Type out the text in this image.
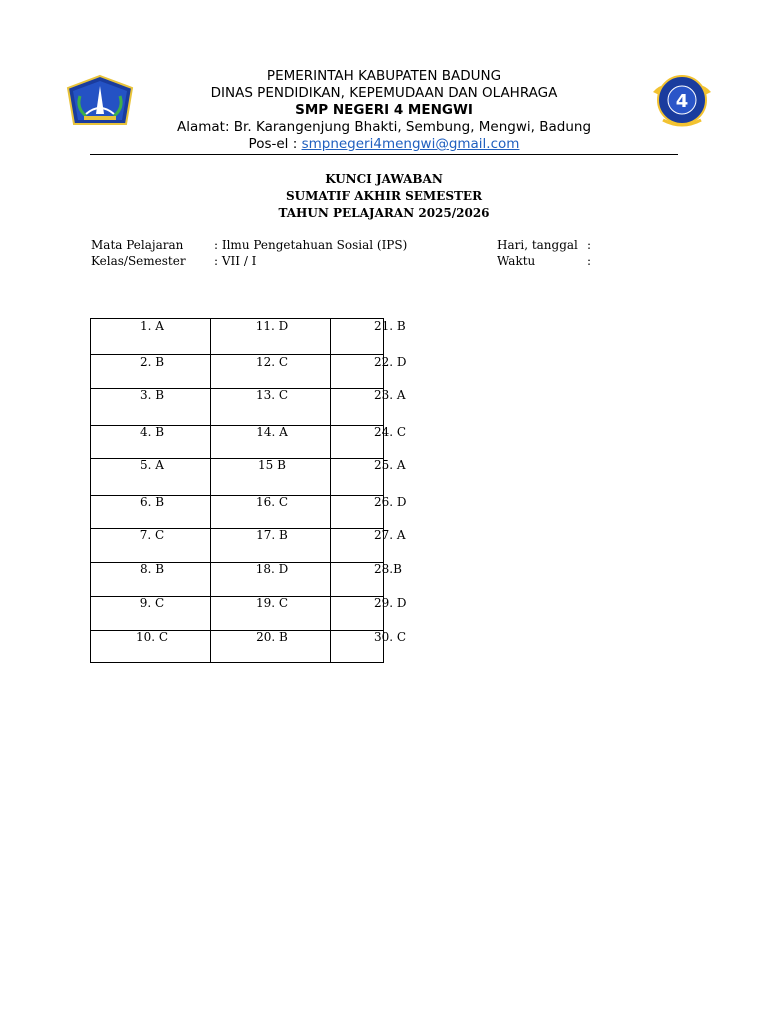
4
PEMERINTAH KABUPATEN BADUNG
DINAS PENDIDIKAN, KEPEMUDAAN DAN OLAHRAGA
SMP NEGERI 4 MENGWI
Alamat: Br. Karangenjung Bhakti, Sembung, Mengwi, Badung
Pos-el : smpnegeri4mengwi@gmail.com
KUNCI JAWABAN
SUMATIF AKHIR SEMESTER
TAHUN PELAJARAN 2025/2026
Mata Pelajaran	: Ilmu Pengetahuan Sosial (IPS)
Kelas/Semester : VII / I
Hari, tanggal :
Waktu	:
1. A
2. B
3. B
4. B
5. A
6. B
7. C
8. B
9. C
10. C
11. D
12. C
13. C
14. A
15 B
16. C
17. B
18. D
19. C
20. B
21. B
22. D
23. A
24. C
25. A
26. D
27. A
28.B
29. D
30. C
